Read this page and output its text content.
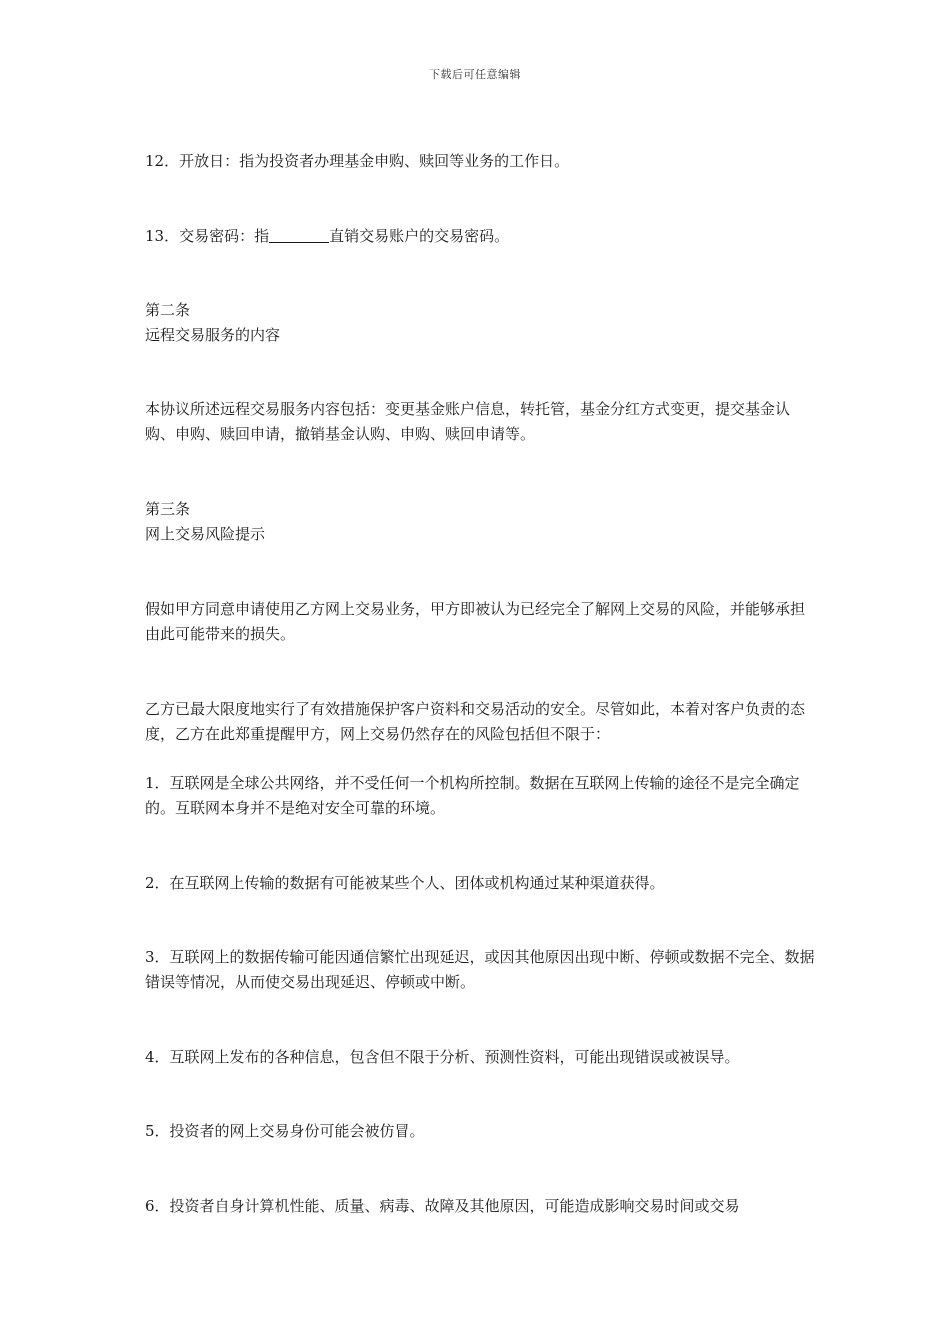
下载后可任意编辑
12．开放日：指为投资者办理基金申购、赎回等业务的工作日。
13．交易密码：指	直销交易账户的交易密码。
第二条
远程交易服务的内容
本协议所述远程交易服务内容包括：变更基金账户信息，转托管，基金分红方式变更，提交基金认购、申购、赎回申请，撤销基金认购、申购、赎回申请等。
第三条
网上交易风险提示
假如甲方同意申请使用乙方网上交易业务，甲方即被认为已经完全了解网上交易的风险，并能够承担由此可能带来的损失。
乙方已最大限度地实行了有效措施保护客户资料和交易活动的安全。尽管如此，本着对客户负责的态度，乙方在此郑重提醒甲方，网上交易仍然存在的风险包括但不限于：
1．互联网是全球公共网络，并不受任何一个机构所控制。数据在互联网上传输的途径不是完全确定的。互联网本身并不是绝对安全可靠的环境。
2．在互联网上传输的数据有可能被某些个人、团体或机构通过某种渠道获得。
3．互联网上的数据传输可能因通信繁忙出现延迟，或因其他原因出现中断、停顿或数据不完全、数据错误等情况，从而使交易出现延迟、停顿或中断。
4．互联网上发布的各种信息，包含但不限于分析、预测性资料，可能出现错误或被误导。
5．投资者的网上交易身份可能会被仿冒。
6．投资者自身计算机性能、质量、病毒、故障及其他原因，可能造成影响交易时间或交易
